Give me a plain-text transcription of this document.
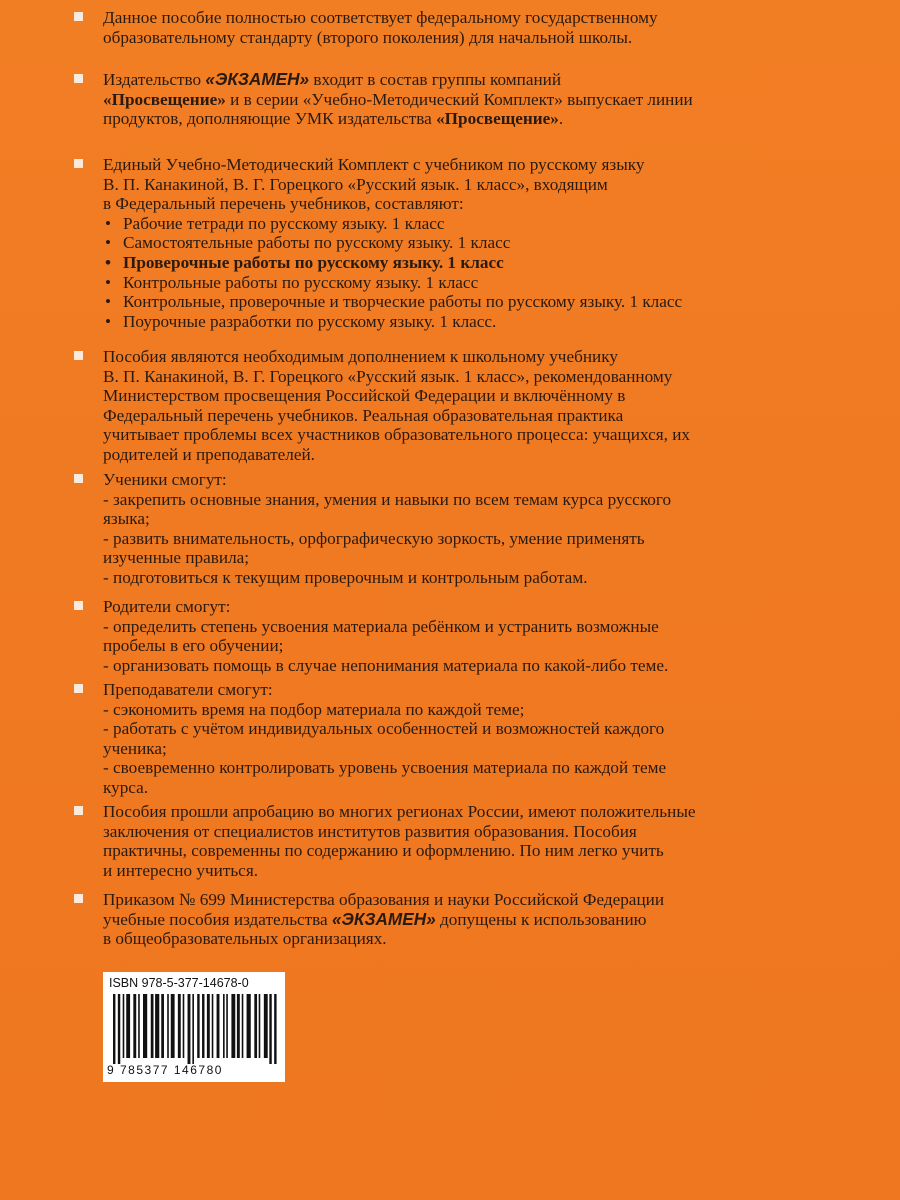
Данное пособие полностью соответствует федеральному государственному
образовательному стандарту (второго поколения) для начальной школы.
Издательство «ЭКЗАМЕН» входит в состав группы компаний
«Просвещение» и в серии «Учебно-Методический Комплект» выпускает линии
продуктов, дополняющие УМК издательства «Просвещение».
Единый Учебно-Методический Комплект с учебником по русскому языку
В. П. Канакиной, В. Г. Горецкого «Русский язык. 1 класс», входящим
в Федеральный перечень учебников, составляют:
• Рабочие тетради по русскому языку. 1 класс
• Самостоятельные работы по русскому языку. 1 класс
• Проверочные работы по русскому языку. 1 класс
• Контрольные работы по русскому языку. 1 класс
• Контрольные, проверочные и творческие работы по русскому языку. 1 класс
• Поурочные разработки по русскому языку. 1 класс.
Пособия являются необходимым дополнением к школьному учебнику
В. П. Канакиной, В. Г. Горецкого «Русский язык. 1 класс», рекомендованному
Министерством просвещения Российской Федерации и включённому в
Федеральный перечень учебников. Реальная образовательная практика
учитывает проблемы всех участников образовательного процесса: учащихся, их
родителей и преподавателей.
Ученики смогут:
- закрепить основные знания, умения и навыки по всем темам курса русского
языка;
- развить внимательность, орфографическую зоркость, умение применять
изученные правила;
- подготовиться к текущим проверочным и контрольным работам.
Родители смогут:
- определить степень усвоения материала ребёнком и устранить возможные
пробелы в его обучении;
- организовать помощь в случае непонимания материала по какой-либо теме.
Преподаватели смогут:
- сэкономить время на подбор материала по каждой теме;
- работать с учётом индивидуальных особенностей и возможностей каждого
ученика;
- своевременно контролировать уровень усвоения материала по каждой теме
курса.
Пособия прошли апробацию во многих регионах России, имеют положительные
заключения от специалистов институтов развития образования. Пособия
практичны, современны по содержанию и оформлению. По ним легко учить
и интересно учиться.
Приказом № 699 Министерства образования и науки Российской Федерации
учебные пособия издательства «ЭКЗАМЕН» допущены к использованию
в общеобразовательных организациях.
ISBN 978-5-377-14678-0
9 785377 146780
